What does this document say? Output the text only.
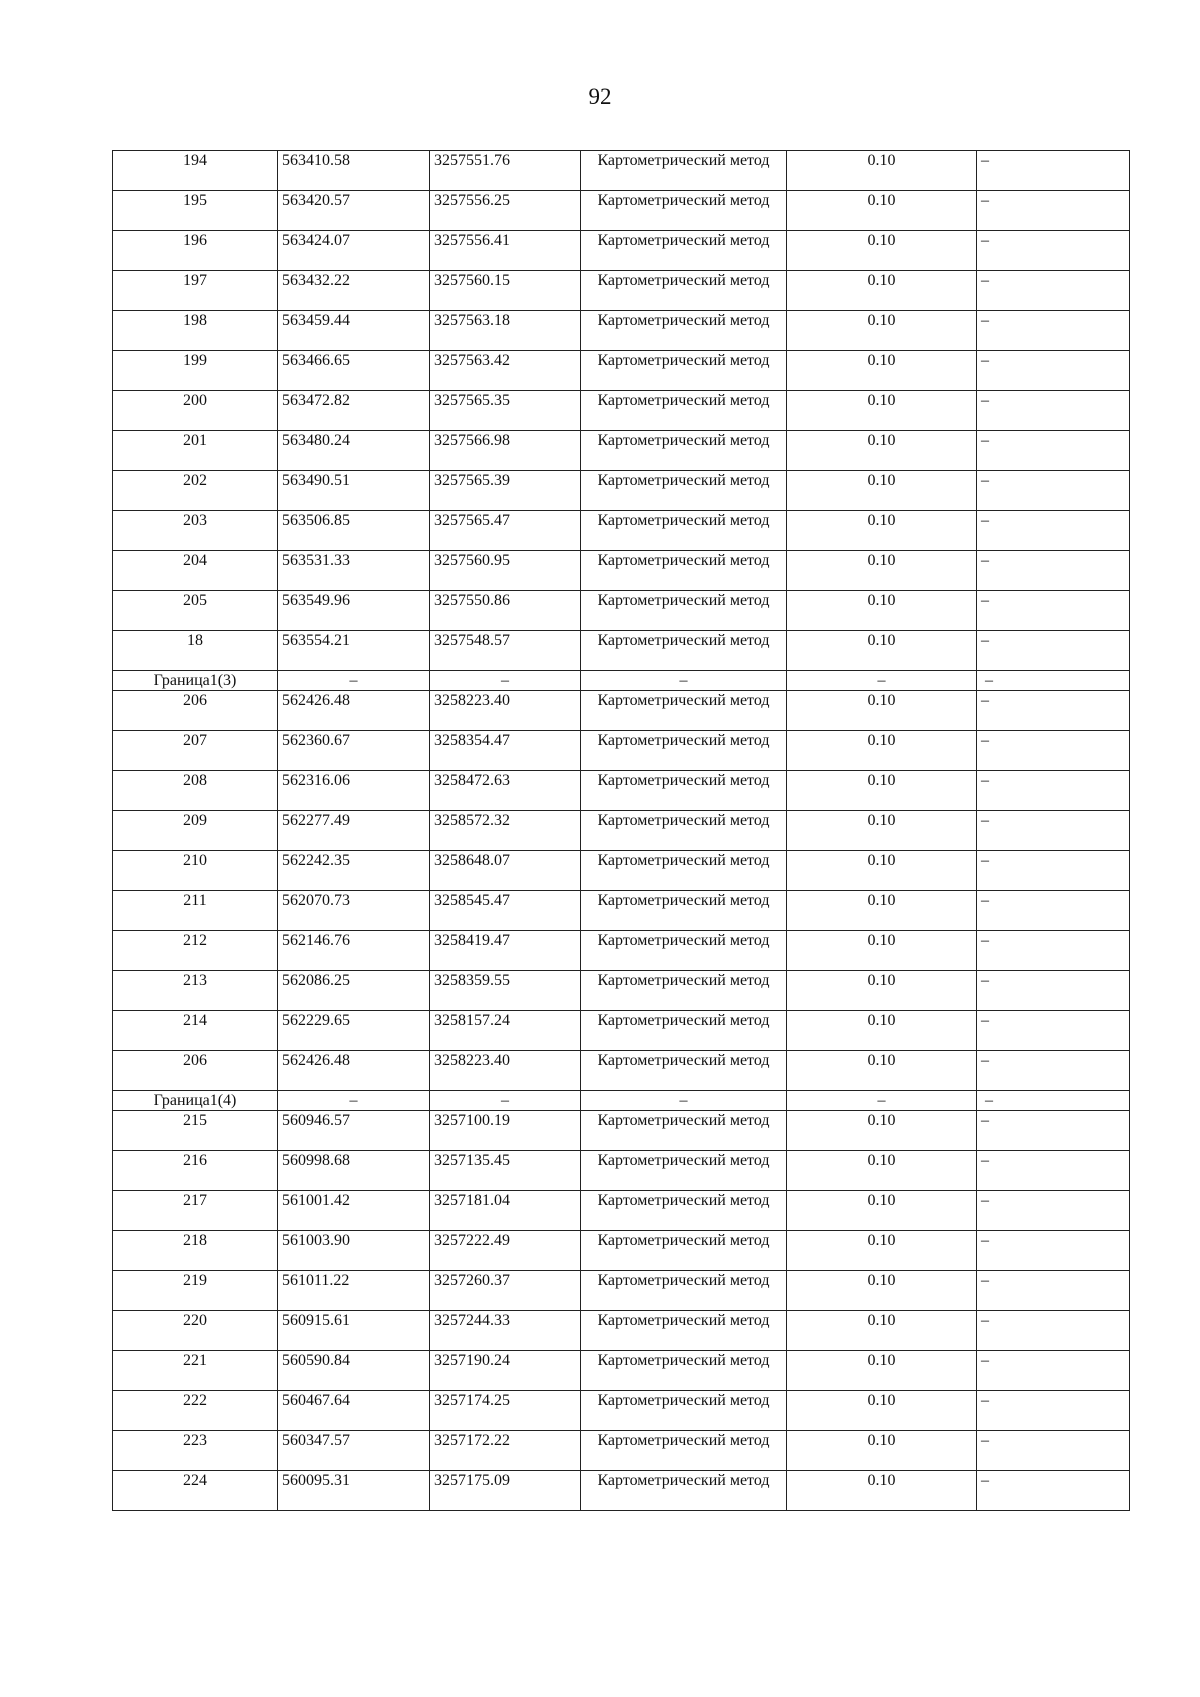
92
194	563410.58	3257551.76	Картометрический метод	0.10	–
195	563420.57	3257556.25	Картометрический метод	0.10	–
196	563424.07	3257556.41	Картометрический метод	0.10	–
197	563432.22	3257560.15	Картометрический метод	0.10	–
198	563459.44	3257563.18	Картометрический метод	0.10	–
199	563466.65	3257563.42	Картометрический метод	0.10	–
200	563472.82	3257565.35	Картометрический метод	0.10	–
201	563480.24	3257566.98	Картометрический метод	0.10	–
202	563490.51	3257565.39	Картометрический метод	0.10	–
203	563506.85	3257565.47	Картометрический метод	0.10	–
204	563531.33	3257560.95	Картометрический метод	0.10	–
205	563549.96	3257550.86	Картометрический метод	0.10	–
18	563554.21	3257548.57	Картометрический метод	0.10	–
Граница1(3)	–	–	–	–	–
206	562426.48	3258223.40	Картометрический метод	0.10	–
207	562360.67	3258354.47	Картометрический метод	0.10	–
208	562316.06	3258472.63	Картометрический метод	0.10	–
209	562277.49	3258572.32	Картометрический метод	0.10	–
210	562242.35	3258648.07	Картометрический метод	0.10	–
211	562070.73	3258545.47	Картометрический метод	0.10	–
212	562146.76	3258419.47	Картометрический метод	0.10	–
213	562086.25	3258359.55	Картометрический метод	0.10	–
214	562229.65	3258157.24	Картометрический метод	0.10	–
206	562426.48	3258223.40	Картометрический метод	0.10	–
Граница1(4)	–	–	–	–	–
215	560946.57	3257100.19	Картометрический метод	0.10	–
216	560998.68	3257135.45	Картометрический метод	0.10	–
217	561001.42	3257181.04	Картометрический метод	0.10	–
218	561003.90	3257222.49	Картометрический метод	0.10	–
219	561011.22	3257260.37	Картометрический метод	0.10	–
220	560915.61	3257244.33	Картометрический метод	0.10	–
221	560590.84	3257190.24	Картометрический метод	0.10	–
222	560467.64	3257174.25	Картометрический метод	0.10	–
223	560347.57	3257172.22	Картометрический метод	0.10	–
224	560095.31	3257175.09	Картометрический метод	0.10	–
